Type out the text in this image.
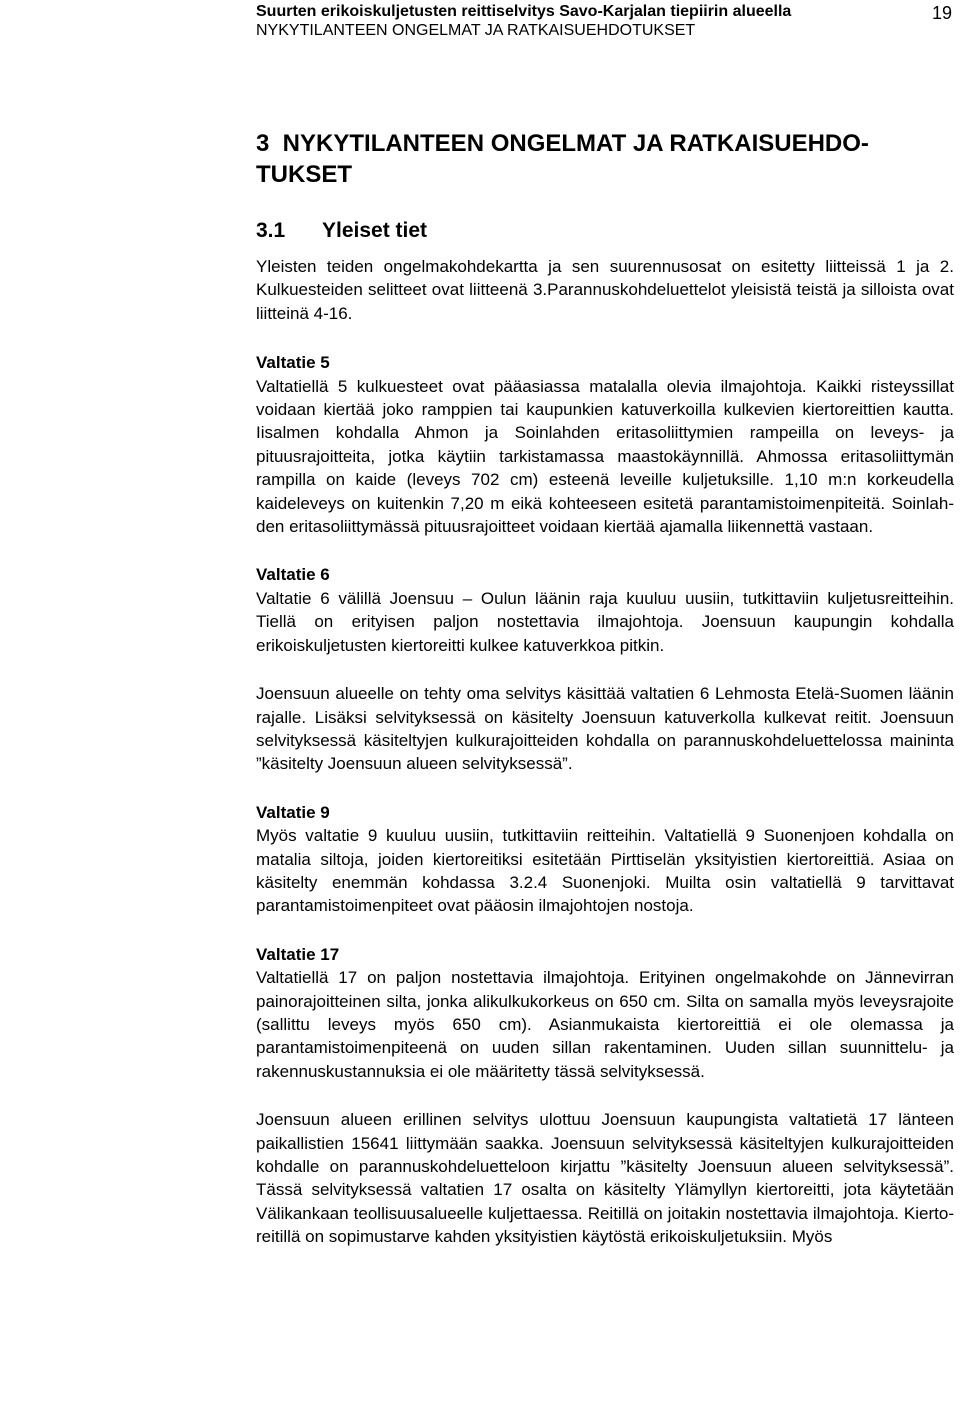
Suurten erikoiskuljetusten reittiselvitys Savo-Karjalan tiepiirin alueella
NYKYTILANTEEN ONGELMAT JA RATKAISUEHDOTUKSET
19
3  NYKYTILANTEEN ONGELMAT JA RATKAISUEHDO-
TUKSET
3.1 Yleiset tiet

Yleisten teiden ongelmakohdekartta ja sen suurennusosat on esitetty liitteissä 1 ja 2. Kulkuesteiden selitteet ovat liitteenä 3.Parannuskohdeluettelot yleisistä teistä ja silloista ovat liitteinä 4-16.

Valtatie 5

Valtatiellä 5 kulkuesteet ovat pääasiassa matalalla olevia ilmajohtoja. Kaikki risteyssillat voidaan kiertää joko ramppien tai kaupunkien katuverkoilla kulkevien kiertoreittien kautta. Iisalmen kohdalla Ahmon ja Soinlahden eritasoliittymien rampeilla on leveys- ja pituusrajoitteita, jotka käytiin tarkistamassa maastokäynnillä. Ahmossa eritasoliittymän rampilla on kaide (leveys 702 cm) esteenä leveille kuljetuksille. 1,10 m:n korkeudella kaideleveys on kuitenkin 7,20 m eikä kohteeseen esitetä parantamistoimenpiteitä. Soinlahden eritasoliittymässä pituusrajoitteet voidaan kiertää ajamalla liikennettä vastaan.

Valtatie 6

Valtatie 6 välillä Joensuu – Oulun läänin raja kuuluu uusiin, tutkittaviin kuljetusreitteihin. Tiellä on erityisen paljon nostettavia ilmajohtoja. Joensuun kaupungin kohdalla erikoiskuljetusten kiertoreitti kulkee katuverkkoa pitkin.

Joensuun alueelle on tehty oma selvitys käsittää valtatien 6 Lehmosta Etelä-Suomen läänin rajalle. Lisäksi selvityksessä on käsitelty Joensuun katuverkolla kulkevat reitit. Joensuun selvityksessä käsiteltyjen kulkurajoitteiden kohdalla on parannuskohdeluettelossa maininta ”käsitelty Joensuun alueen selvityksessä”.

Valtatie 9

Myös valtatie 9 kuuluu uusiin, tutkittaviin reitteihin. Valtatiellä 9 Suonenjoen kohdalla on matalia siltoja, joiden kiertoreitiksi esitetään Pirttiselän yksityistien kiertoreittiä. Asiaa on käsitelty enemmän kohdassa 3.2.4 Suonenjoki. Muilta osin valtatiellä 9 tarvittavat parantamistoimenpiteet ovat pääosin ilmajohtojen nostoja.

Valtatie 17

Valtatiellä 17 on paljon nostettavia ilmajohtoja. Erityinen ongelmakohde on Jännevirran painorajoitteinen silta, jonka alikulkukorkeus on 650 cm. Silta on samalla myös leveysrajoite (sallittu leveys myös 650 cm). Asianmukaista kiertoreittiä ei ole olemassa ja parantamistoimenpiteenä on uuden sillan rakentaminen. Uuden sillan suunnittelu- ja rakennuskustannuksia ei ole määritetty tässä selvityksessä.

Joensuun alueen erillinen selvitys ulottuu Joensuun kaupungista valtatietä 17 länteen paikallistien 15641 liittymään saakka. Joensuun selvityksessä käsiteltyjen kulkurajoitteiden kohdalle on parannuskohdeluetteloon kirjattu ”käsitelty Joensuun alueen selvityksessä”. Tässä selvityksessä valtatien 17 osalta on käsitelty Ylämyllyn kiertoreitti, jota käytetään Välikankaan teollisuusalueelle kuljettaessa. Reitillä on joitakin nostettavia ilmajohtoja. Kiertoreitillä on sopimustarve kahden yksityistien käytöstä erikoiskuljetuksiin. Myös
